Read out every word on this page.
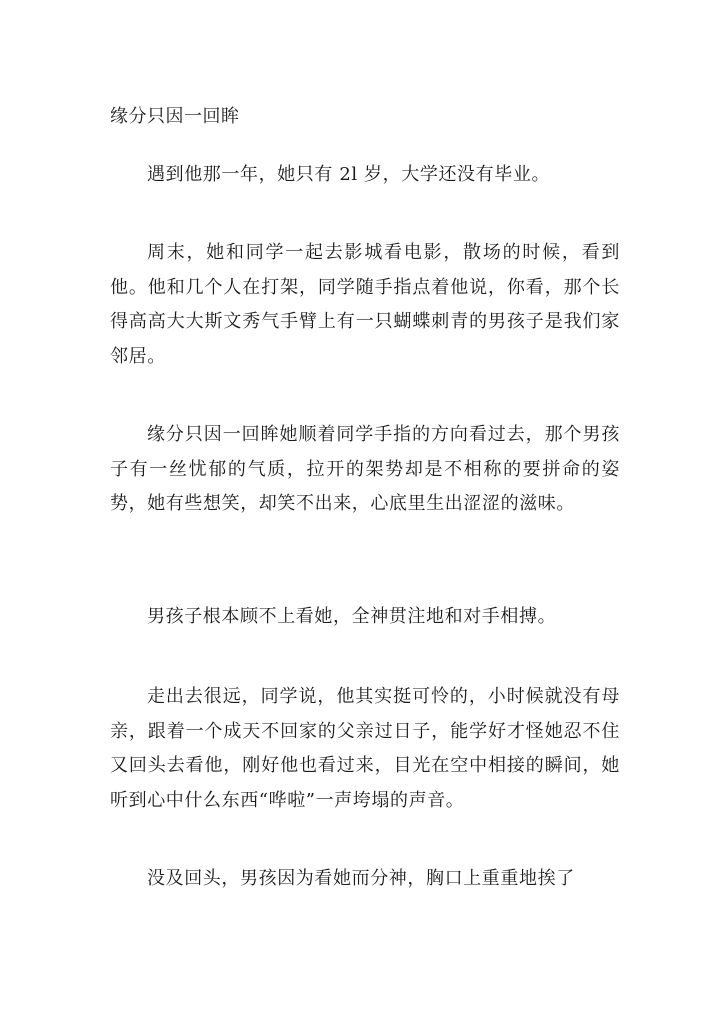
缘分只因一回眸

遇到他那一年，她只有 2l 岁，大学还没有毕业。

周末，她和同学一起去影城看电影，散场的时候，看到他。他和几个人在打架，同学随手指点着他说，你看，那个长得高高大大斯文秀气手臂上有一只蝴蝶刺青的男孩子是我们家邻居。

缘分只因一回眸她顺着同学手指的方向看过去，那个男孩子有一丝忧郁的气质，拉开的架势却是不相称的要拼命的姿势，她有些想笑，却笑不出来，心底里生出涩涩的滋味。

男孩子根本顾不上看她，全神贯注地和对手相搏。

走出去很远，同学说，他其实挺可怜的，小时候就没有母亲，跟着一个成天不回家的父亲过日子，能学好才怪她忍不住又回头去看他，刚好他也看过来，目光在空中相接的瞬间，她听到心中什么东西“哗啦”一声垮塌的声音。

没及回头，男孩因为看她而分神，胸口上重重地挨了
